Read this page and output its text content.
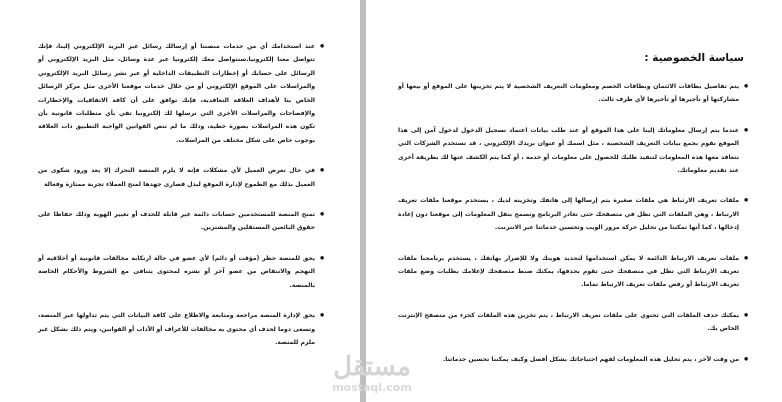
● عند استخدامك أي من خدمات منصتنا أو إرسالك رسائل عبر البريد الإلكتروني إلينا، فإنك تتواصل معنا إلكترونيا.سنتواصل معك إلكترونيا عبر عدة وسائل، مثل البريد الإلكتروني أو الرسائل على حسابك أو إخطارات التطبيقات الداخلية أو عبر نشر رسائل البريد الإلكتروني والمراسلات على الموقع الإلكتروني أو من خلال خدمات موقعنا الأخرى مثل مركز الرسائل الخاص بنا لأهداف العلاقة التعاقدية، فإنك توافق على أن كافة الاتفاقيات والإخطارات والإفصاحات والمراسلات الأخرى التي نرسلها لك إلكترونيا تفي بأي متطلبات قانونية بأن تكون هذه المراسلات بصورة خطية، وذلك ما لم تنص القوانين الواجبة التطبيق ذات العلاقة بوجوب خاص على شكل مختلف من المراسلات.
● في حال تعرض العميل لأي مشكلات فإنه لا يلزم المنصة التحرك إلا بعد ورود شكوى من العميل بذلك مع الطموح لإدارة الموقع لبذل قصارى جهدها لمنح العملاء تجربة ممتازة وفعالة
● تمنح المنصة للمستخدمين حسابات دائمة غير قابلة للحذف أو تغيير الهوية وذلك حفاظا على حقوق البائعين المستقلين والمشترين.
● يحق للمنصة حظر (مؤقت أو دائم) لأي عضو في حالة ارتكابه مخالفات قانونية أو أخلاقيه أو التهجم والانتقاص من عضو آخر أو نشره لمحتوى يتنافى مع الشروط والأحكام الخاصة بالمنصة.
● يحق لإدارة المنصة مراجعة ومتابعة والاطلاع على كافة البيانات التي يتم تداولها عبر المنصة، وتسعى دوما لحذف أي محتوى به مخالفات للأعراف أو الآداب أو القوانين، ويتم ذلك بشكل غير ملزم للمنصة.
سياسة الخصوصية :
● يتم تفاصيل بطاقات الائتمان وبطاقات الخصم ومعلومات التعريف الشخصية لا يتم تخزينها على الموقع أو بيعها أو مشاركتها أو تأجيرها أو تأجيرها لأي طرف ثالث.
● عندما يتم إرسال معلوماتك إلينا على هذا الموقع أو عند طلب بيانات اعتماد تسجيل الدخول لدخول آمن إلى هذا الموقع نقوم بجمع بيانات التعريف الشخصية ، مثل اسمك أو عنوان بريدك الإلكتروني ، قد تستخدم الشركات التي نتعاقد معها هذه المعلومات لتنفيذ طلبك للحصول على معلومات أو خدمة ، أو كما يتم الكشف عنها لك بطريقة أخرى عند تقديم معلوماتك.
● ملفات تعريف الارتباط هي ملفات صغيرة يتم إرسالها إلى هاتفك وتخزينه لديك ، يستخدم موقعنا ملفات تعريف الارتباط ، وهي الملفات التي تظل في متصفحك حتى تغادر البرنامج وتسمح بنقل المعلومات إلى موقعنا دون إعادة إدخالها ، كما أنها تمكننا من تحليل حركة مرور الويب وتحسين خدماتنا عبر الانترنت.
● ملفات تعريف الارتباط الدائمة لا يمكن استخدامها لتحديد هويتك ولا للإضرار بهاتفك ، يستخدم برنامجنا ملفات تعريف الارتباط التي تظل في متصفحك حتى تقوم بحذفها، يمكنك ضبط متصفحك لإعلامك بطلبات وضع ملفات تعريف الارتباط أو رفض ملفات تعريف الارتباط تماما.
● يمكنك حذف الملفات التي تحتوي على ملفات تعريف الارتباط ، يتم تخزين هذه الملفات كجزء من متصفح الإنترنت الخاص بك.
● من وقت لآخر ، يتم تحليل هذه المعلومات لفهم احتياجاتك بشكل أفضل وكيف يمكننا تحسين خدماتنا.
مستقل
mostaql.com
